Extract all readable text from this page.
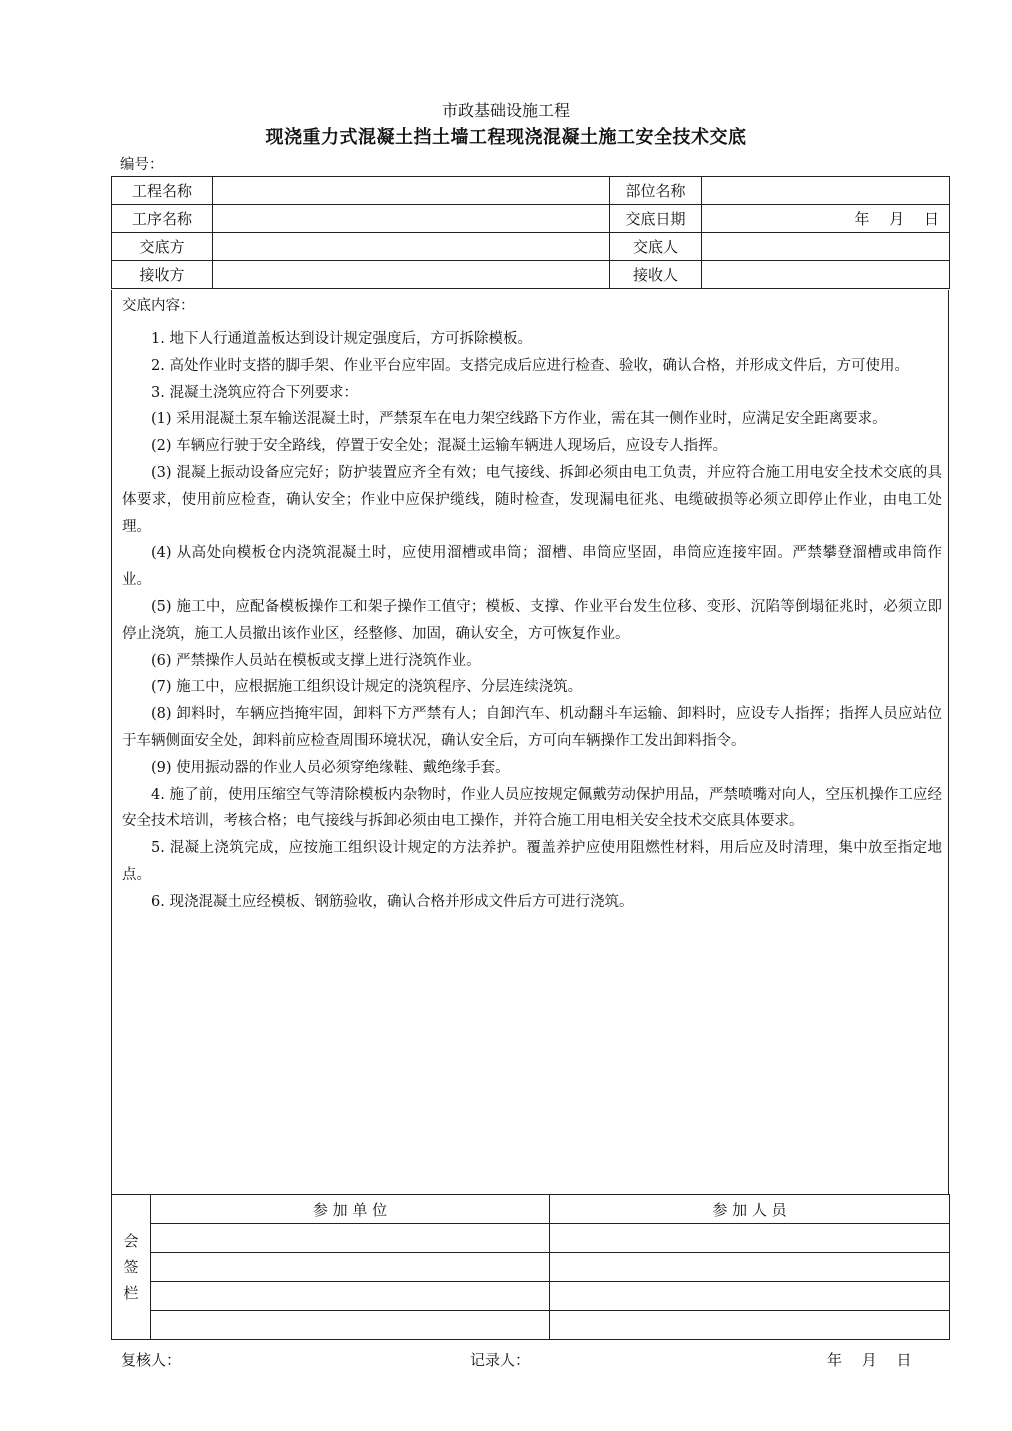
市政基础设施工程
现浇重力式混凝土挡土墙工程现浇混凝土施工安全技术交底
编号：
工程名称		部位名称	
工序名称		交底日期	年　 月　 日
交底方		交底人	
接收方		接收人	
交底内容：

1. 地下人行通道盖板达到设计规定强度后，方可拆除模板。

2. 高处作业时支搭的脚手架、作业平台应牢固。支搭完成后应进行检查、验收，确认合格，并形成文件后，方可使用。

3. 混凝土浇筑应符合下列要求：

(1) 采用混凝土泵车输送混凝土时，严禁泵车在电力架空线路下方作业，需在其一侧作业时，应满足安全距离要求。

(2) 车辆应行驶于安全路线，停置于安全处；混凝土运输车辆进人现场后，应设专人指挥。

(3) 混凝上振动设备应完好；防护装置应齐全有效；电气接线、拆卸必须由电工负责，并应符合施工用电安全技术交底的具体要求，使用前应检查，确认安全；作业中应保护缆线，随时检查，发现漏电征兆、电缆破损等必须立即停止作业，由电工处理。

(4) 从高处向模板仓内浇筑混凝土时，应使用溜槽或串筒；溜槽、串筒应坚固，串筒应连接牢固。严禁攀登溜槽或串筒作业。

(5) 施工中，应配备模板操作工和架子操作工值守；模板、支撑、作业平台发生位移、变形、沉陷等倒塌征兆时，必须立即停止浇筑，施工人员撤出该作业区，经整修、加固，确认安全，方可恢复作业。

(6) 严禁操作人员站在模板或支撑上进行浇筑作业。

(7) 施工中，应根据施工组织设计规定的浇筑程序、分层连续浇筑。

(8) 卸料时，车辆应挡掩牢固，卸料下方严禁有人；自卸汽车、机动翻斗车运输、卸料时，应设专人指挥；指挥人员应站位于车辆侧面安全处，卸料前应检查周围环境状况，确认安全后，方可向车辆操作工发出卸料指令。

(9) 使用振动器的作业人员必须穿绝缘鞋、戴绝缘手套。

4. 施了前，使用压缩空气等清除模板内杂物时，作业人员应按规定佩戴劳动保护用品，严禁喷嘴对向人，空压机操作工应经安全技术培训，考核合格；电气接线与拆卸必须由电工操作，并符合施工用电相关安全技术交底具体要求。

5. 混凝上浇筑完成，应按施工组织设计规定的方法养护。覆盖养护应使用阻燃性材料，用后应及时清理，集中放至指定地点。

6. 现浇混凝土应经模板、钢筋验收，确认合格并形成文件后方可进行浇筑。

会
签
栏	参 加 单 位	参 加 人 员

复核人：	记录人：	年　 月　 日
